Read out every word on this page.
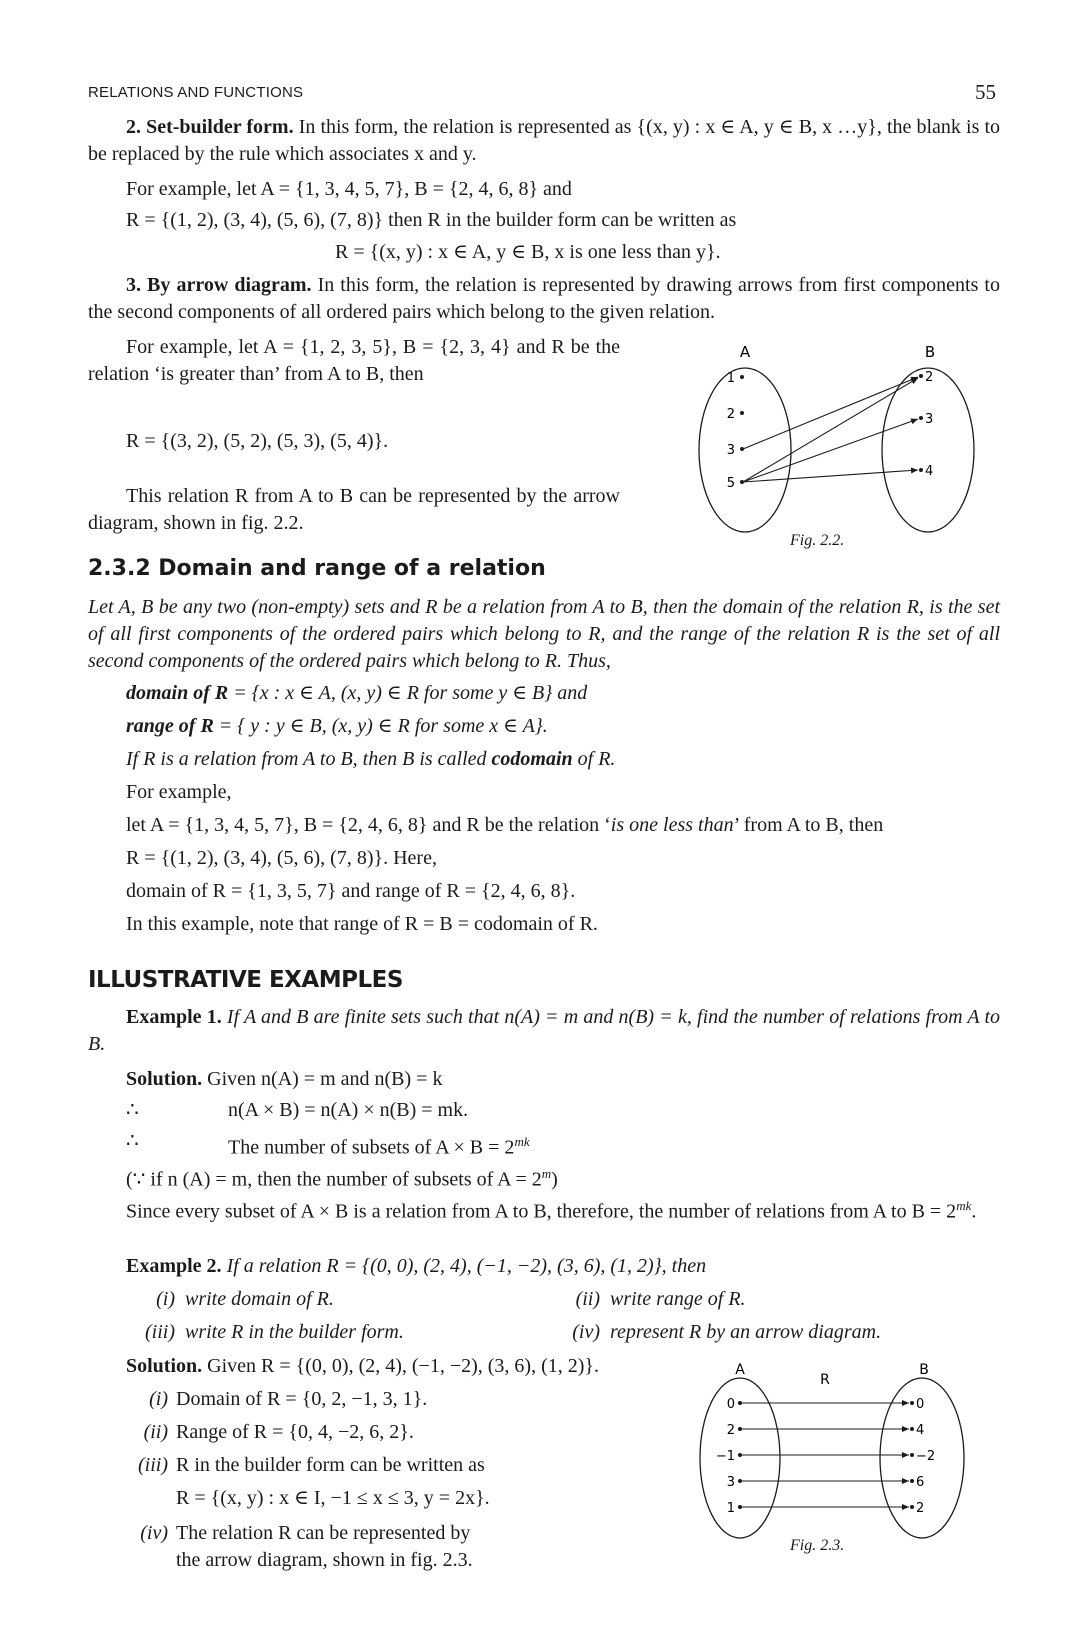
RELATIONS AND FUNCTIONS	55
2. Set-builder form. In this form, the relation is represented as {(x, y) : x ∈ A, y ∈ B, x …y}, the blank is to be replaced by the rule which associates x and y.
For example, let A = {1, 3, 4, 5, 7}, B = {2, 4, 6, 8} and
R = {(1, 2), (3, 4), (5, 6), (7, 8)} then R in the builder form can be written as
R = {(x, y) : x ∈ A, y ∈ B, x is one less than y}.
3. By arrow diagram. In this form, the relation is represented by drawing arrows from first components to the second components of all ordered pairs which belong to the given relation.
For example, let A = {1, 2, 3, 5}, B = {2, 3, 4} and R be the relation ‘is greater than’ from A to B, then
R = {(3, 2), (5, 2), (5, 3), (5, 4)}.
This relation R from A to B can be represented by the arrow diagram, shown in fig. 2.2.
A	B
1
2
3
5
2
3
4
Fig. 2.2.
2.3.2 Domain and range of a relation
Let A, B be any two (non-empty) sets and R be a relation from A to B, then the domain of the relation R, is the set of all first components of the ordered pairs which belong to R, and the range of the relation R is the set of all second components of the ordered pairs which belong to R. Thus,
domain of R = {x : x ∈ A, (x, y) ∈ R for some y ∈ B} and
range of R = { y : y ∈ B, (x, y) ∈ R for some x ∈ A}.
If R is a relation from A to B, then B is called codomain of R.
For example,
let A = {1, 3, 4, 5, 7}, B = {2, 4, 6, 8} and R be the relation ‘is one less than’ from A to B, then
R = {(1, 2), (3, 4), (5, 6), (7, 8)}. Here,
domain of R = {1, 3, 5, 7} and range of R = {2, 4, 6, 8}.
In this example, note that range of R = B = codomain of R.
ILLUSTRATIVE EXAMPLES
Example 1. If A and B are finite sets such that n(A) = m and n(B) = k, find the number of relations from A to B.
Solution. Given n(A) = m and n(B) = k
∴	n(A × B) = n(A) × n(B) = mk.
∴	The number of subsets of $A \times B = 2^{mk}$
(∵ if n (A) = m, then the number of subsets of $A = 2^m$)
Since every subset of A × B is a relation from A to B, therefore, the number of relations from A to $B = 2^{mk}$.
Example 2. If a relation R = {(0, 0), (2, 4), (−1, −2), (3, 6), (1, 2)}, then
(i) write domain of R.	(ii) write range of R.
(iii) write R in the builder form.	(iv) represent R by an arrow diagram.
Solution. Given R = {(0, 0), (2, 4), (−1, −2), (3, 6), (1, 2)}.
(i) Domain of R = {0, 2, −1, 3, 1}.
(ii) Range of R = {0, 4, −2, 6, 2}.
(iii) R in the builder form can be written as
R = {(x, y) : x ∈ I, −1 ≤ x ≤ 3, y = 2x}.
(iv) The relation R can be represented by
the arrow diagram, shown in fig. 2.3.
A
R
B
0
2
−1
3
1
0
4
−2
6
2
Fig. 2.3.
